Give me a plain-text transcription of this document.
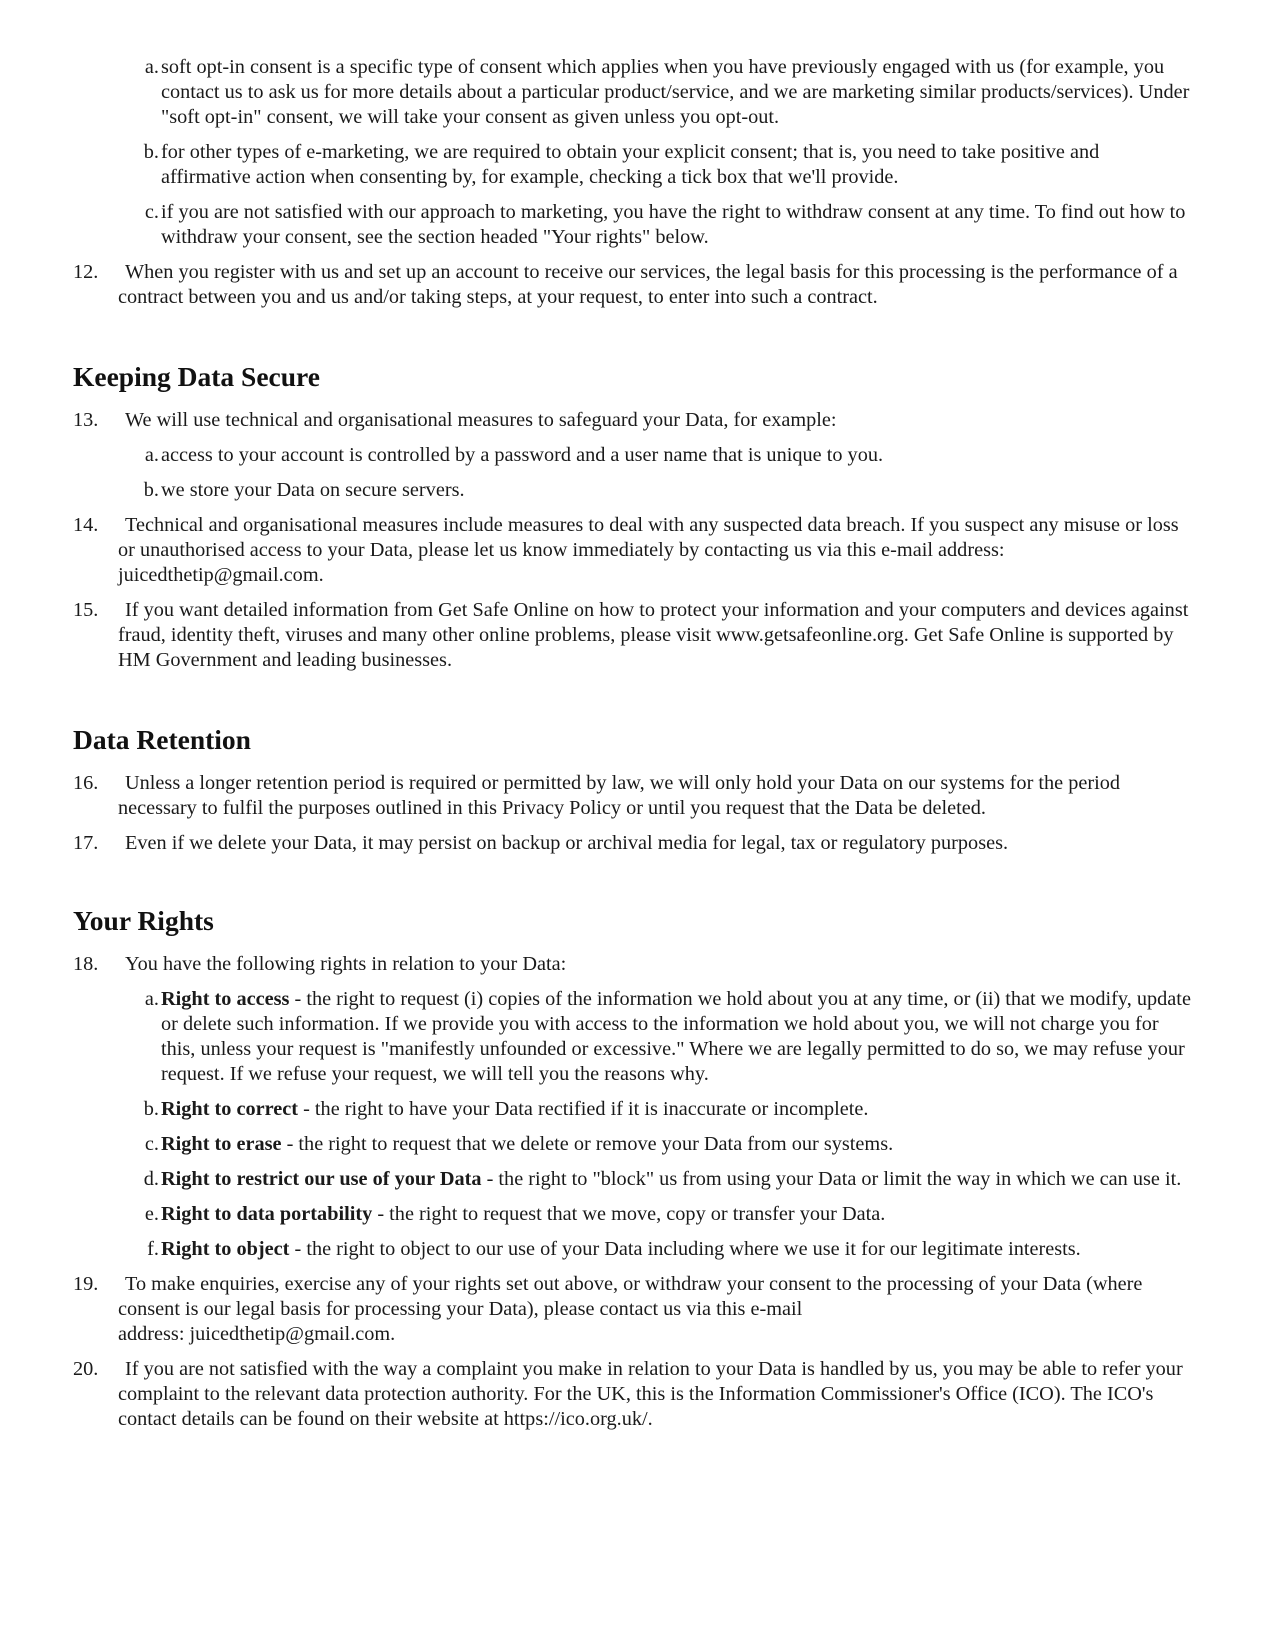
a. soft opt-in consent is a specific type of consent which applies when you have previously engaged with us (for example, you contact us to ask us for more details about a particular product/service, and we are marketing similar products/services). Under "soft opt-in" consent, we will take your consent as given unless you opt-out.
b. for other types of e-marketing, we are required to obtain your explicit consent; that is, you need to take positive and affirmative action when consenting by, for example, checking a tick box that we'll provide.
c. if you are not satisfied with our approach to marketing, you have the right to withdraw consent at any time. To find out how to withdraw your consent, see the section headed "Your rights" below.
12.	When you register with us and set up an account to receive our services, the legal basis for this processing is the performance of a contract between you and us and/or taking steps, at your request, to enter into such a contract.
Keeping Data Secure
13.	We will use technical and organisational measures to safeguard your Data, for example:
a. access to your account is controlled by a password and a user name that is unique to you.
b. we store your Data on secure servers.
14.	Technical and organisational measures include measures to deal with any suspected data breach. If you suspect any misuse or loss or unauthorised access to your Data, please let us know immediately by contacting us via this e-mail address: juicedthetip@gmail.com.
15.	If you want detailed information from Get Safe Online on how to protect your information and your computers and devices against fraud, identity theft, viruses and many other online problems, please visit www.getsafeonline.org. Get Safe Online is supported by HM Government and leading businesses.
Data Retention
16.	Unless a longer retention period is required or permitted by law, we will only hold your Data on our systems for the period necessary to fulfil the purposes outlined in this Privacy Policy or until you request that the Data be deleted.
17.	Even if we delete your Data, it may persist on backup or archival media for legal, tax or regulatory purposes.
Your Rights
18.	You have the following rights in relation to your Data:
a. Right to access - the right to request (i) copies of the information we hold about you at any time, or (ii) that we modify, update or delete such information. If we provide you with access to the information we hold about you, we will not charge you for this, unless your request is "manifestly unfounded or excessive." Where we are legally permitted to do so, we may refuse your request. If we refuse your request, we will tell you the reasons why.
b. Right to correct - the right to have your Data rectified if it is inaccurate or incomplete.
c. Right to erase - the right to request that we delete or remove your Data from our systems.
d. Right to restrict our use of your Data - the right to "block" us from using your Data or limit the way in which we can use it.
e. Right to data portability - the right to request that we move, copy or transfer your Data.
f. Right to object - the right to object to our use of your Data including where we use it for our legitimate interests.
19.	To make enquiries, exercise any of your rights set out above, or withdraw your consent to the processing of your Data (where consent is our legal basis for processing your Data), please contact us via this e-mail
address: juicedthetip@gmail.com.
20.	If you are not satisfied with the way a complaint you make in relation to your Data is handled by us, you may be able to refer your complaint to the relevant data protection authority. For the UK, this is the Information Commissioner's Office (ICO). The ICO's contact details can be found on their website at https://ico.org.uk/.
